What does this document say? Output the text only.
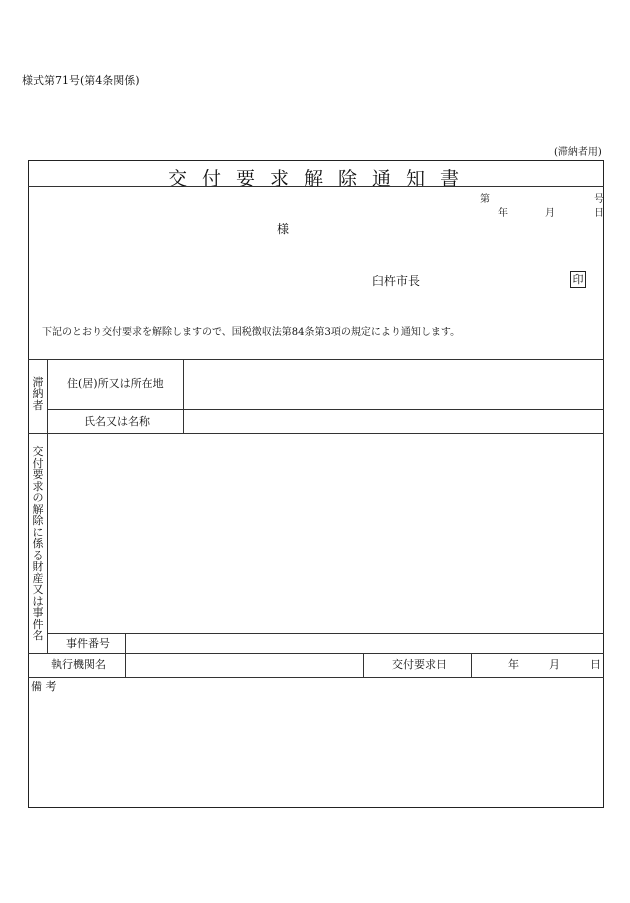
様式第71号(第4条関係)
(滞納者用)
交付要求解除通知書
第	号
年	月	日
様
臼杵市長	印
下記のとおり交付要求を解除しますので、国税徴収法第84条第3項の規定により通知します。
滞納者
住(居)所又は所在地
氏名又は名称
交付要求の解除に係る財産又は事件名
事件番号
執行機関名	交付要求日	年	月	日
備 考
